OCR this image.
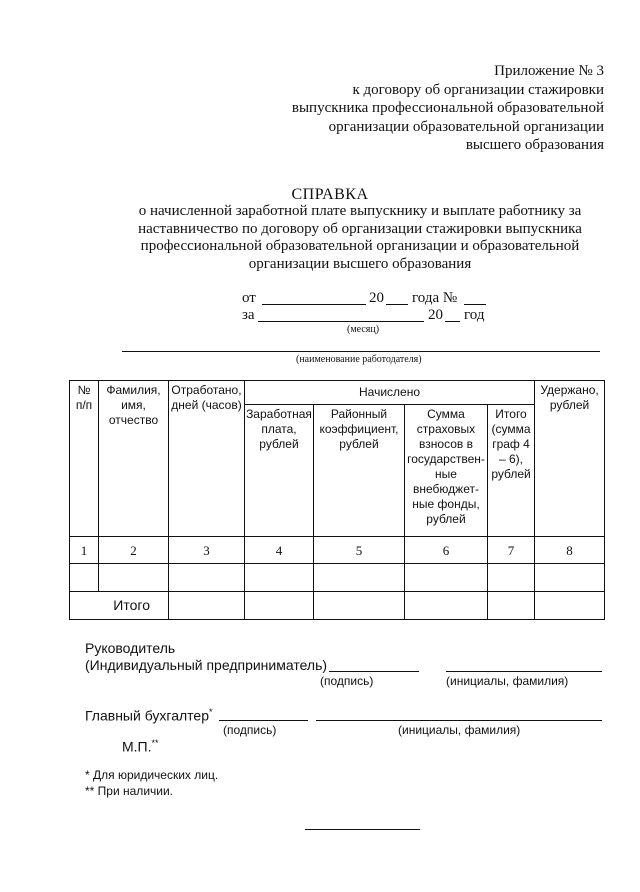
Приложение № 3
к договору об организации стажировки
выпускника профессиональной образовательной
организации образовательной организации
высшего образования
СПРАВКА
о начисленной заработной плате выпускнику и выплате работнику за
наставничество по договору об организации стажировки выпускника
профессиональной образовательной организации и образовательной
организации высшего образования
от	20 года №
за	20 год
(месяц)
(наименование работодателя)
№ п/п	Фамилия, имя, отчество	Отработано, дней (часов)	Начислено				Удержано, рублей
			Заработная плата, рублей	Районный коэффициент, рублей	Сумма страховых взносов в государствен- ные внебюджет- ные фонды, рублей	Итого (сумма граф 4 – 6), рублей	
1	2	3	4	5	6	7	8

Итого							
Руководитель
(Индивидуальный предприниматель)
(подпись)	(инициалы, фамилия)
Главный бухгалтер*
(подпись)	(инициалы, фамилия)
М.П.**
* Для юридических лиц.
** При наличии.
